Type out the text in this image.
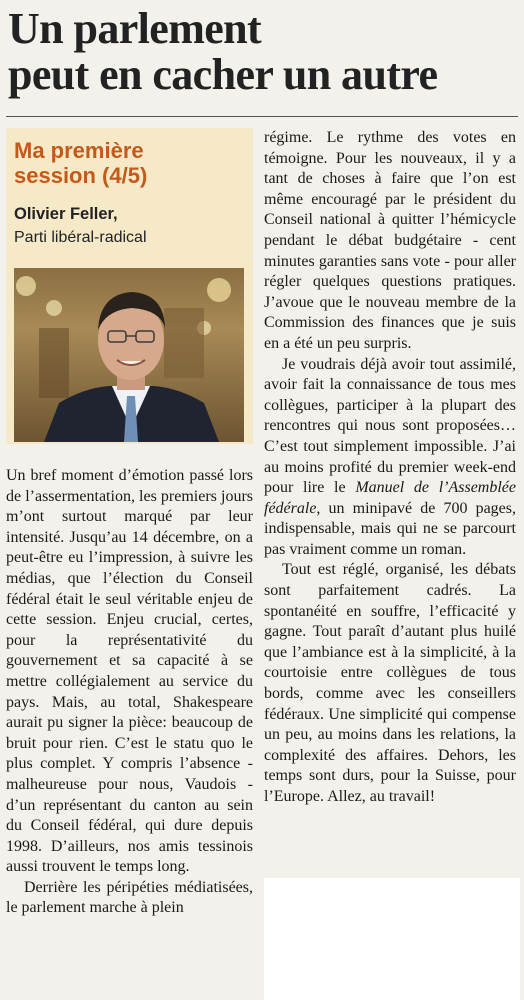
Un parlement
peut en cacher un autre
Ma première
session (4/5)
Olivier Feller,
Parti libéral-radical

Un bref moment d’émotion passé lors de l’assermentation, les premiers jours m’ont surtout marqué par leur intensité. Jusqu’au 14 décembre, on a peut-être eu l’impression, à suivre les médias, que l’élection du Conseil fédéral était le seul véritable enjeu de cette session. Enjeu crucial, certes, pour la représentativité du gouvernement et sa capacité à se mettre collégialement au service du pays. Mais, au total, Shakespeare aurait pu signer la pièce: beaucoup de bruit pour rien. C’est le statu quo le plus complet. Y compris l’absence - malheureuse pour nous, Vaudois - d’un représentant du canton au sein du Conseil fédéral, qui dure depuis 1998. D’ailleurs, nos amis tessinois aussi trouvent le temps long.

Derrière les péripéties médiatisées, le parlement marche à plein

régime. Le rythme des votes en témoigne. Pour les nouveaux, il y a tant de choses à faire que l’on est même encouragé par le président du Conseil national à quitter l’hémicycle pendant le débat budgétaire - cent minutes garanties sans vote - pour aller régler quelques questions pratiques. J’avoue que le nouveau membre de la Commission des finances que je suis en a été un peu surpris.

Je voudrais déjà avoir tout assimilé, avoir fait la connaissance de tous mes collègues, participer à la plupart des rencontres qui nous sont proposées… C’est tout simplement impossible. J’ai au moins profité du premier week-end pour lire le Manuel de l’Assemblée fédérale, un minipavé de 700 pages, indispensable, mais qui ne se parcourt pas vraiment comme un roman.

Tout est réglé, organisé, les débats sont parfaitement cadrés. La spontanéité en souffre, l’efficacité y gagne. Tout paraît d’autant plus huilé que l’ambiance est à la simplicité, à la courtoisie entre collègues de tous bords, comme avec les conseillers fédéraux. Une simplicité qui compense un peu, au moins dans les relations, la complexité des affaires. Dehors, les temps sont durs, pour la Suisse, pour l’Europe. Allez, au travail!
